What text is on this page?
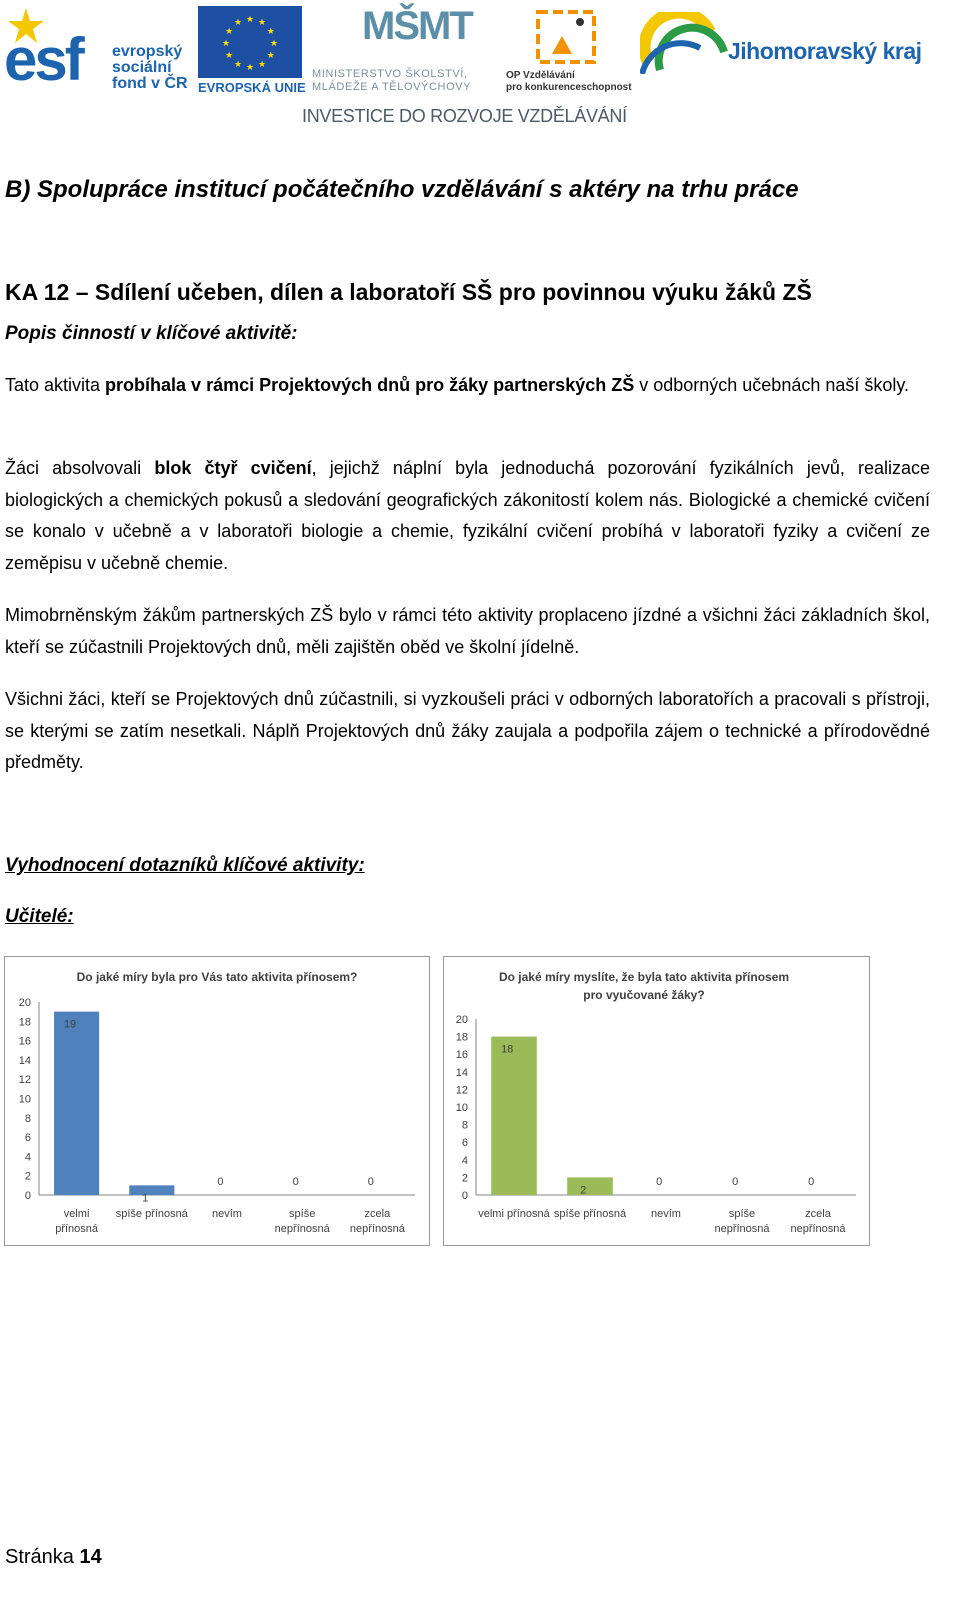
esf evropský
sociální
fond v ČR
★
★
★
★
★
★
★
★
★ ★ ★
★
EVROPSKÁ UNIE
MŠMT
MINISTERSTVO ŠKOLSTVÍ,
MLÁDEŽE A TĚLOVÝCHOVY
OP Vzdělávání
pro konkurenceschopnost
Jihomoravský kraj
INVESTICE DO ROZVOJE VZDĚLÁVÁNÍ
B) Spolupráce institucí počátečního vzdělávání s aktéry na trhu práce
KA 12 – Sdílení učeben, dílen a laboratoří SŠ pro povinnou výuku žáků ZŠ
Popis činností v klíčové aktivitě:
Tato aktivita probíhala v rámci Projektových dnů pro žáky partnerských ZŠ v odborných učebnách naší školy.
Žáci absolvovali blok čtyř cvičení, jejichž náplní byla jednoduchá pozorování fyzikálních jevů, realizace biologických a chemických pokusů a sledování geografických zákonitostí kolem nás. Biologické a chemické cvičení se konalo v učebně a v laboratoři biologie a chemie, fyzikální cvičení probíhá v laboratoři fyziky a cvičení ze zeměpisu v učebně chemie.
Mimobrněnským žákům partnerských ZŠ bylo v rámci této aktivity proplaceno jízdné a všichni žáci základních škol, kteří se zúčastnili Projektových dnů, měli zajištěn oběd ve školní jídelně.
Všichni žáci, kteří se Projektových dnů zúčastnili, si vyzkoušeli práci v odborných laboratořích a pracovali s přístroji, se kterými se zatím nesetkali. Náplň Projektových dnů žáky zaujala a podpořila zájem o technické a přírodovědné předměty.
Vyhodnocení dotazníků klíčové aktivity:
Učitelé:
Do jaké míry byla pro Vás tato aktivita přínosem?
0
2
4
6
8
10
12
14
16
18
20
19
velmi
přínosná
1
spíše přínosná
0
nevím
0
spíše
nepřínosná
0
zcela
nepřínosná
Do jaké míry myslíte, že byla tato aktivita přínosem
pro vyučované žáky?
0
2
4
6
8
10
12
14
16
18
20
18
velmi přínosná
2
spíše přínosná
0
nevím
0
spíše
nepřínosná
0
zcela
nepřínosná
Stránka 14
